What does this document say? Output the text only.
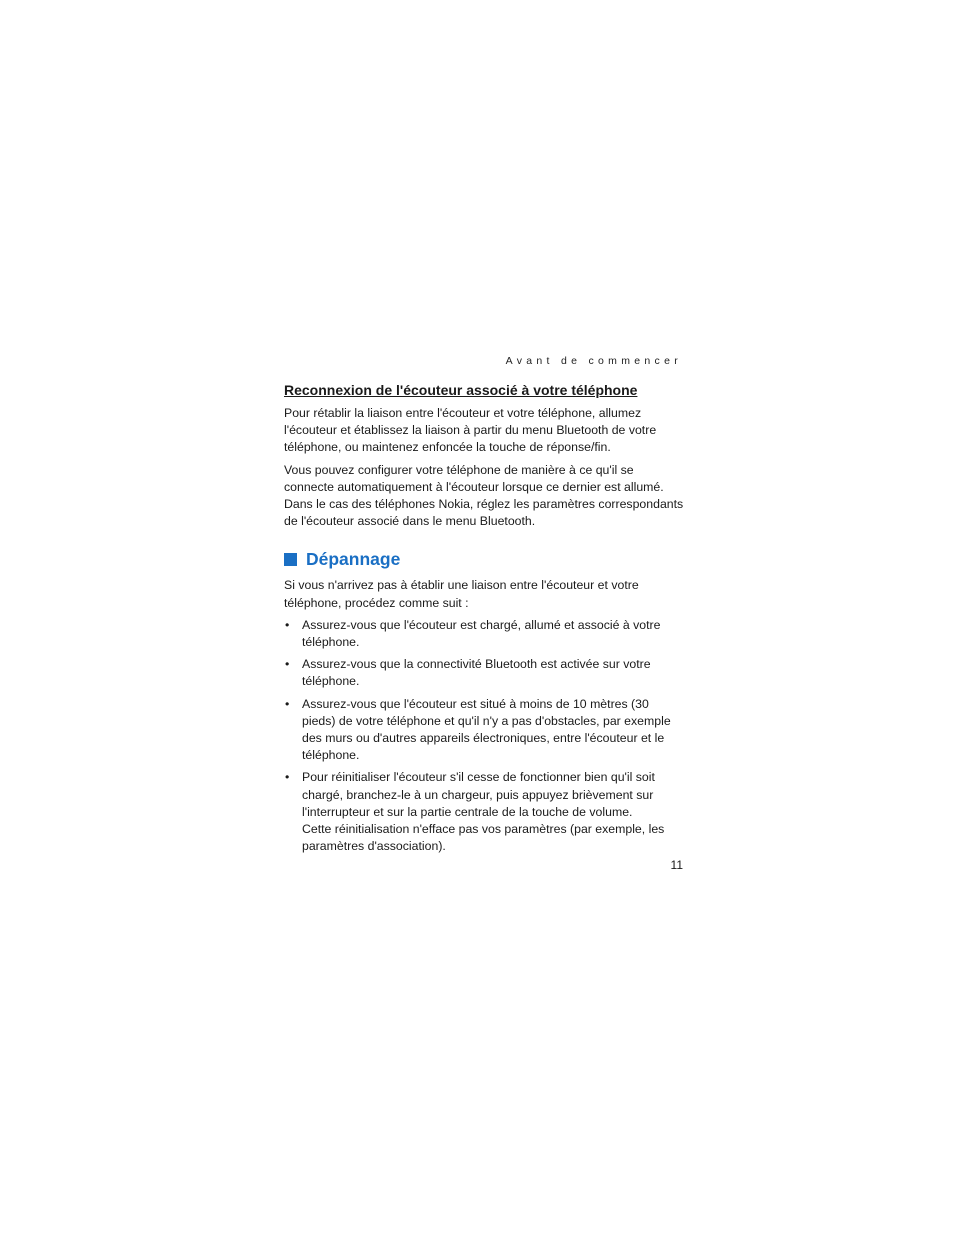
Avant de commencer
Reconnexion de l'écouteur associé à votre téléphone

Pour rétablir la liaison entre l'écouteur et votre téléphone, allumez l'écouteur et établissez la liaison à partir du menu Bluetooth de votre téléphone, ou maintenez enfoncée la touche de réponse/fin.

Vous pouvez configurer votre téléphone de manière à ce qu'il se connecte automatiquement à l'écouteur lorsque ce dernier est allumé. Dans le cas des téléphones Nokia, réglez les paramètres correspondants de l'écouteur associé dans le menu Bluetooth.

Dépannage

Si vous n'arrivez pas à établir une liaison entre l'écouteur et votre téléphone, procédez comme suit :

• Assurez-vous que l'écouteur est chargé, allumé et associé à votre téléphone.
• Assurez-vous que la connectivité Bluetooth est activée sur votre téléphone.
• Assurez-vous que l'écouteur est situé à moins de 10 mètres (30 pieds) de votre téléphone et qu'il n'y a pas d'obstacles, par exemple des murs ou d'autres appareils électroniques, entre l'écouteur et le téléphone.
• Pour réinitialiser l'écouteur s'il cesse de fonctionner bien qu'il soit chargé, branchez-le à un chargeur, puis appuyez brièvement sur l'interrupteur et sur la partie centrale de la touche de volume.
Cette réinitialisation n'efface pas vos paramètres (par exemple, les paramètres d'association).
11
